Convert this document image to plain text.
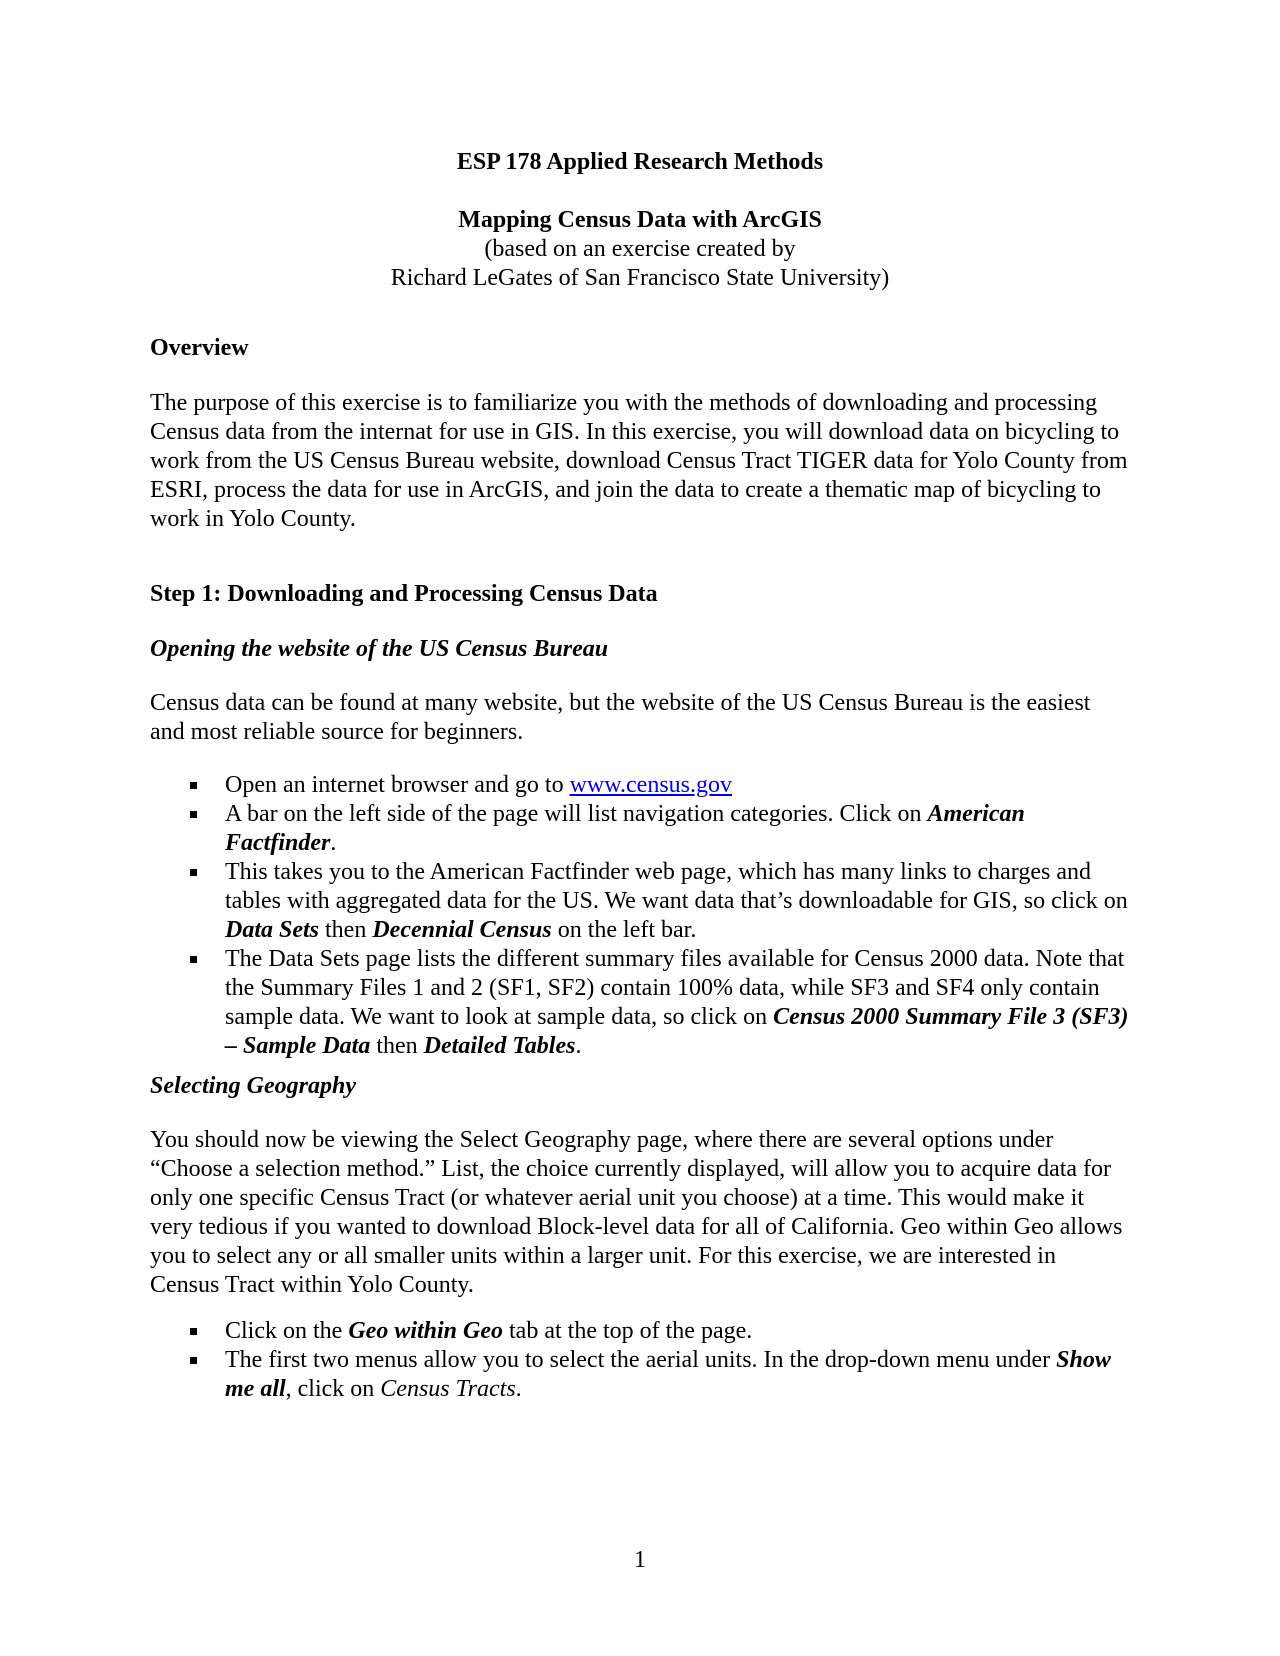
ESP 178 Applied Research Methods

Mapping Census Data with ArcGIS

(based on an exercise created by

Richard LeGates of San Francisco State University)

Overview

The purpose of this exercise is to familiarize you with the methods of downloading and processing Census data from the internat for use in GIS. In this exercise, you will download data on bicycling to work from the US Census Bureau website, download Census Tract TIGER data for Yolo County from ESRI, process the data for use in ArcGIS, and join the data to create a thematic map of bicycling to work in Yolo County.

Step 1: Downloading and Processing Census Data

Opening the website of the US Census Bureau

Census data can be found at many website, but the website of the US Census Bureau is the easiest and most reliable source for beginners.

Open an internet browser and go to www.census.gov
A bar on the left side of the page will list navigation categories. Click on American Factfinder.
This takes you to the American Factfinder web page, which has many links to charges and tables with aggregated data for the US. We want data that’s downloadable for GIS, so click on Data Sets then Decennial Census on the left bar.
The Data Sets page lists the different summary files available for Census 2000 data. Note that the Summary Files 1 and 2 (SF1, SF2) contain 100% data, while SF3 and SF4 only contain sample data. We want to look at sample data, so click on Census 2000 Summary File 3 (SF3) – Sample Data then Detailed Tables.

Selecting Geography

You should now be viewing the Select Geography page, where there are several options under “Choose a selection method.” List, the choice currently displayed, will allow you to acquire data for only one specific Census Tract (or whatever aerial unit you choose) at a time. This would make it very tedious if you wanted to download Block-level data for all of California. Geo within Geo allows you to select any or all smaller units within a larger unit. For this exercise, we are interested in Census Tract within Yolo County.

Click on the Geo within Geo tab at the top of the page.
The first two menus allow you to select the aerial units. In the drop-down menu under Show me all, click on Census Tracts.
1
